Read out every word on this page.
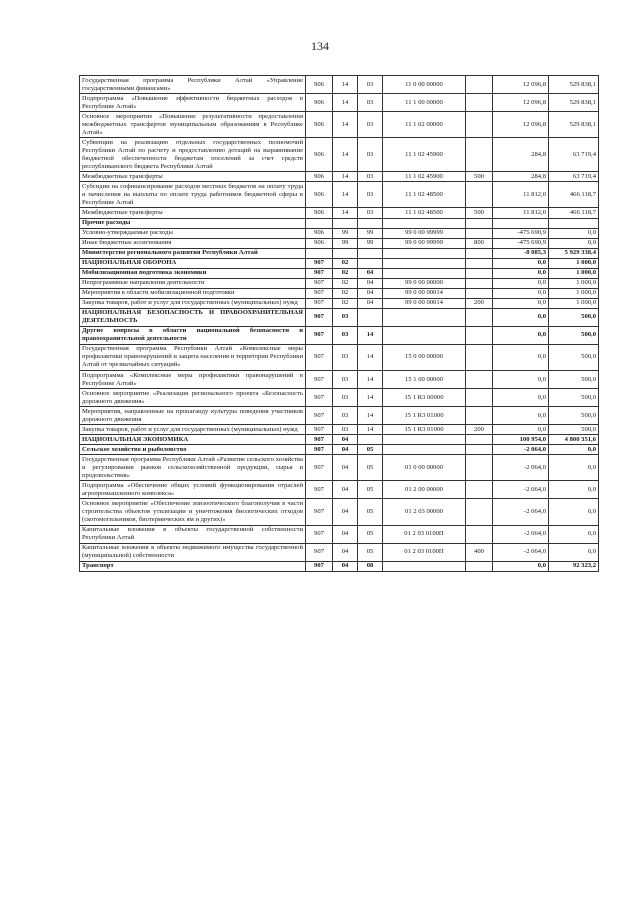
134
Государственная программа Республики Алтай «Управление государственными финансами»	906	14	03	11 0 00 00000		12 096,8	529 838,1
Подпрограмма «Повышение эффективности бюджетных расходов в Республике Алтай»	906	14	03	11 1 00 00000		12 096,8	529 838,1
Основное мероприятие «Повышение результативности предоставления межбюджетных трансфертов муниципальным образованиям в Республике Алтай»	906	14	03	11 1 02 00000		12 096,8	529 838,1
Субвенции на реализацию отдельных государственных полномочий Республики Алтай по расчету и предоставлению дотаций на выравнивание бюджетной обеспеченности бюджетам поселений за счет средств республиканского бюджета Республики Алтай	906	14	03	11 1 02 45900		284,8	63 719,4
Межбюджетные трансферты	906	14	03	11 1 02 45900	500	284,8	63 719,4
Субсидии на софинансирование расходов местных бюджетов на оплату труда и начисления на выплаты по оплате труда работников бюджетной сферы в Республике Алтай	906	14	03	11 1 02 48500		11 812,0	466 118,7
Межбюджетные трансферты	906	14	03	11 1 02 48500	500	11 812,0	466 118,7
Прочие расходы							
Условно-утверждаемые расходы	906	99	99	99 0 00 99999		-475 690,9	0,0
Иные бюджетные ассигнования	906	99	99	99 0 00 99999	800	-475 690,9	0,0
Министерство регионального развития Республики Алтай						-8 085,3	5 929 338,4
НАЦИОНАЛЬНАЯ ОБОРОНА	907	02				0,0	1 000,0
Мобилизационная подготовка экономики	907	02	04			0,0	1 000,0
Непрограммные направления деятельности	907	02	04	99 0 00 00000		0,0	1 000,0
Мероприятия в области мобилизационной подготовки	907	02	04	99 0 00 00014		0,0	1 000,0
Закупка товаров, работ и услуг для государственных (муниципальных) нужд	907	02	04	99 0 00 00014	200	0,0	1 000,0
НАЦИОНАЛЬНАЯ БЕЗОПАСНОСТЬ И ПРАВООХРАНИТЕЛЬНАЯ ДЕЯТЕЛЬНОСТЬ	907	03				0,0	500,0
Другие вопросы в области национальной безопасности и правоохранительной деятельности	907	03	14			0,0	500,0
Государственная программа Республики Алтай «Комплексные меры профилактики правонарушений и защита населения и территории Республики Алтай от чрезвычайных ситуаций»	907	03	14	15 0 00 00000		0,0	500,0
Подпрограмма «Комплексные меры профилактики правонарушений в Республике Алтай»	907	03	14	15 1 00 00000		0,0	500,0
Основное мероприятие «Реализация регионального проекта «Безопасность дорожного движения»	907	03	14	15 1 R3 00000		0,0	500,0
Мероприятия, направленные на пропаганду культуры поведения участников дорожного движения	907	03	14	15 1 R3 01000		0,0	500,0
Закупка товаров, работ и услуг для государственных (муниципальных) нужд	907	03	14	15 1 R3 01000	200	0,0	500,0
НАЦИОНАЛЬНАЯ ЭКОНОМИКА	907	04				100 954,0	4 800 351,6
Сельское хозяйство и рыболовство	907	04	05			-2 064,0	0,0
Государственная программа Республики Алтай «Развитие сельского хозяйства и регулирования рынков сельскохозяйственной продукции, сырья и продовольствия»	907	04	05	01 0 00 00000		-2 064,0	0,0
Подпрограмма «Обеспечение общих условий функционирования отраслей агропромышленного комплекса»	907	04	05	01 2 00 00000		-2 064,0	0,0
Основное мероприятие «Обеспечение эпизоотического благополучия в части строительства объектов утилизации и уничтожения биологических отходов (скотомогильников, биотермических ям и других)»	907	04	05	01 2 03 00000		-2 064,0	0,0
Капитальные вложения в объекты государственной собственности Республики Алтай	907	04	05	01 2 03 0100П		-2 064,0	0,0
Капитальные вложения в объекты недвижимого имущества государственной (муниципальной) собственности	907	04	05	01 2 03 0100П	400	-2 064,0	0,0
Транспорт	907	04	08			0,0	92 323,2
